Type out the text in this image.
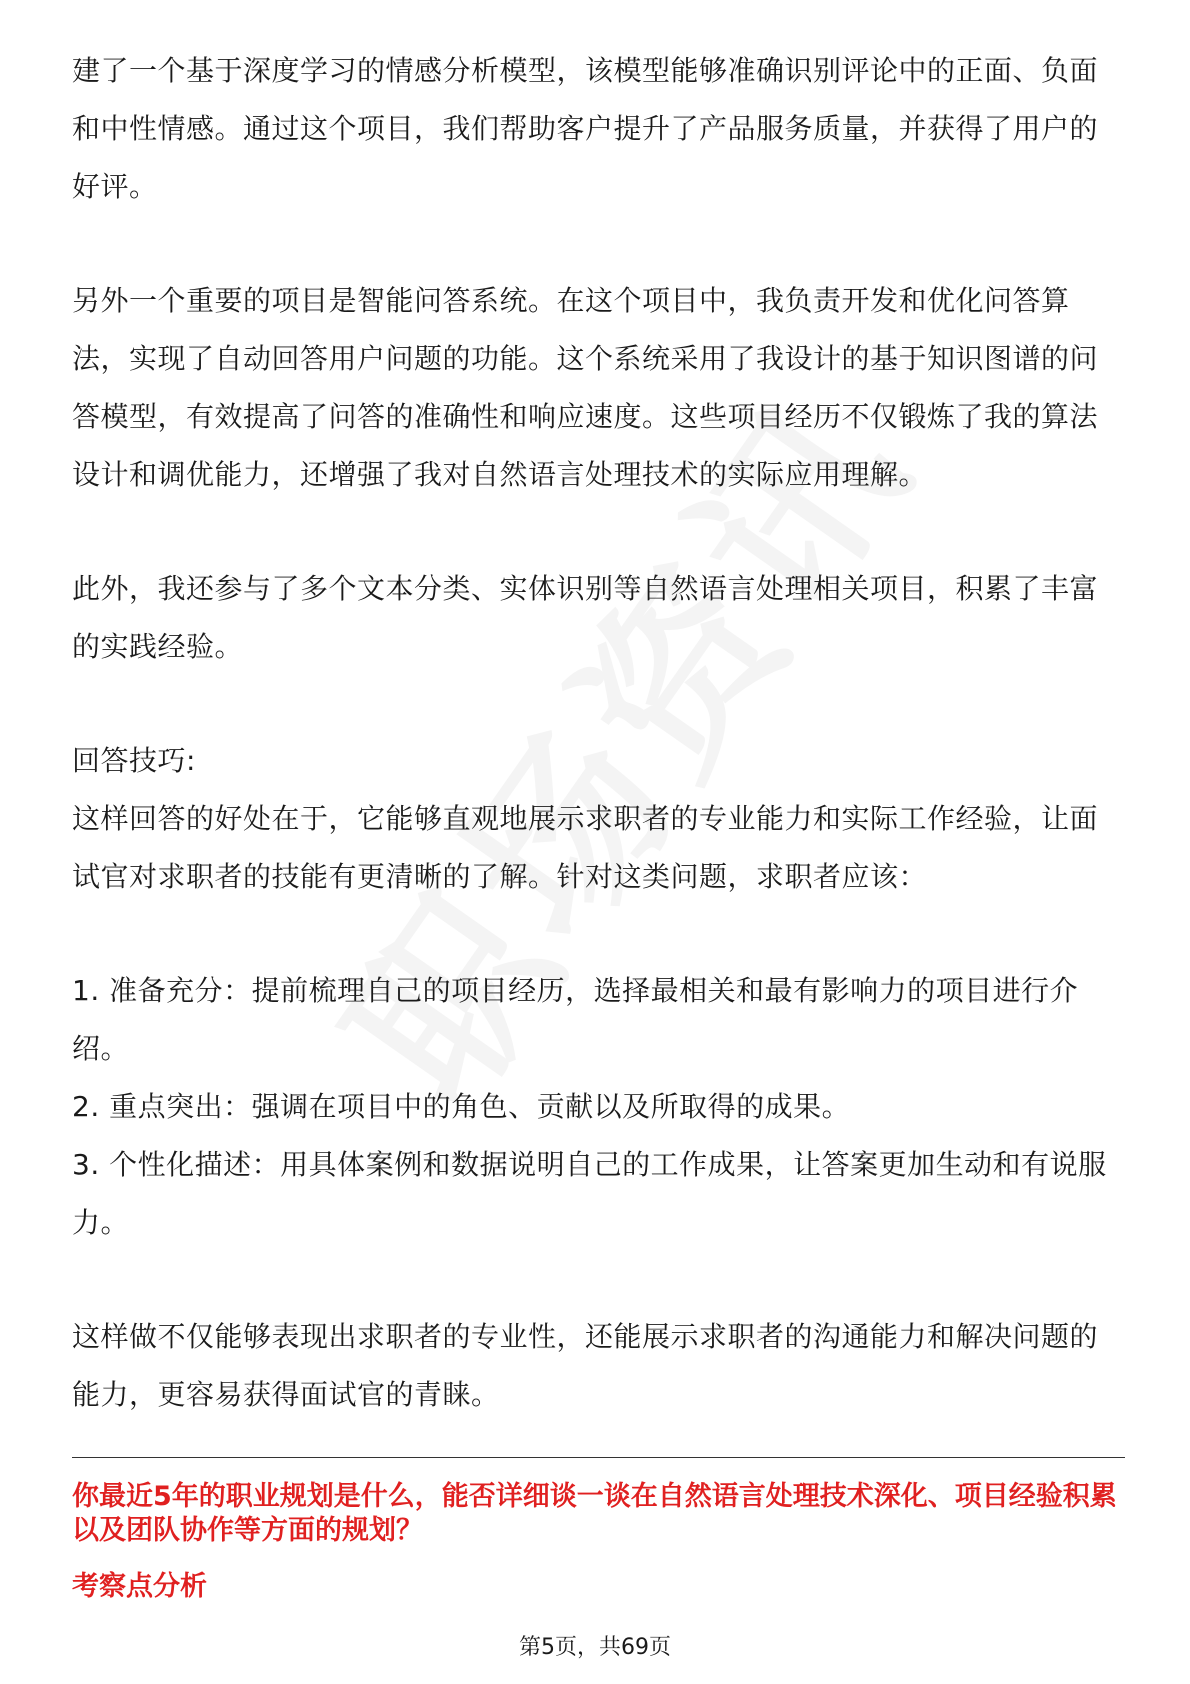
建了一个基于深度学习的情感分析模型，该模型能够准确识别评论中的正面、负面和中性情感。通过这个项目，我们帮助客户提升了产品服务质量，并获得了用户的好评。

另外一个重要的项目是智能问答系统。在这个项目中，我负责开发和优化问答算法，实现了自动回答用户问题的功能。这个系统采用了我设计的基于知识图谱的问答模型，有效提高了问答的准确性和响应速度。这些项目经历不仅锻炼了我的算法设计和调优能力，还增强了我对自然语言处理技术的实际应用理解。

此外，我还参与了多个文本分类、实体识别等自然语言处理相关项目，积累了丰富的实践经验。

回答技巧:

这样回答的好处在于，它能够直观地展示求职者的专业能力和实际工作经验，让面试官对求职者的技能有更清晰的了解。针对这类问题，求职者应该：

1. 准备充分：提前梳理自己的项目经历，选择最相关和最有影响力的项目进行介绍。

2. 重点突出：强调在项目中的角色、贡献以及所取得的成果。

3. 个性化描述：用具体案例和数据说明自己的工作成果，让答案更加生动和有说服力。

这样做不仅能够表现出求职者的专业性，还能展示求职者的沟通能力和解决问题的能力，更容易获得面试官的青睐。

你最近5年的职业规划是什么，能否详细谈一谈在自然语言处理技术深化、项目经验积累以及团队协作等方面的规划？

考察点分析

第5页，共69页
